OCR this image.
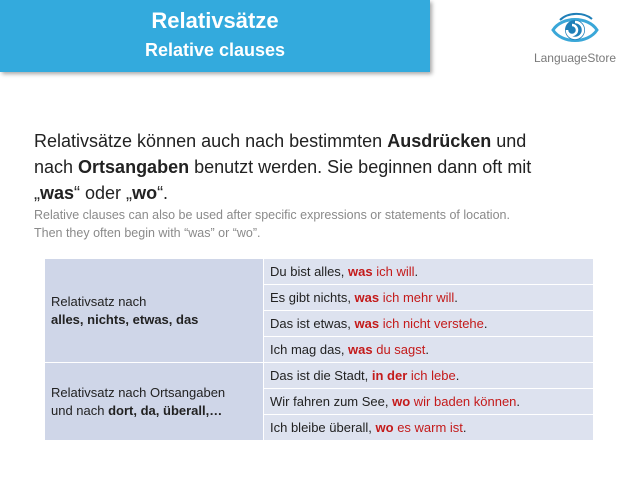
Relativsätze
Relative clauses	LanguageStore
Relativsätze können auch nach bestimmten Ausdrücken und
nach Ortsangaben benutzt werden. Sie beginnen dann oft mit
„was“ oder „wo“.
Relative clauses can also be used after specific expressions or statements of location.
Then they often begin with “was” or “wo”.
Relativsatz nach
alles, nichts, etwas, das	Du bist alles, was ich will.
	Es gibt nichts, was ich mehr will.
	Das ist etwas, was ich nicht verstehe.
	Ich mag das, was du sagst.

Relativsatz nach Ortsangaben
und nach dort, da, überall,…	Das ist die Stadt, in der ich lebe.
	Wir fahren zum See, wo wir baden können.
	Ich bleibe überall, wo es warm ist.
